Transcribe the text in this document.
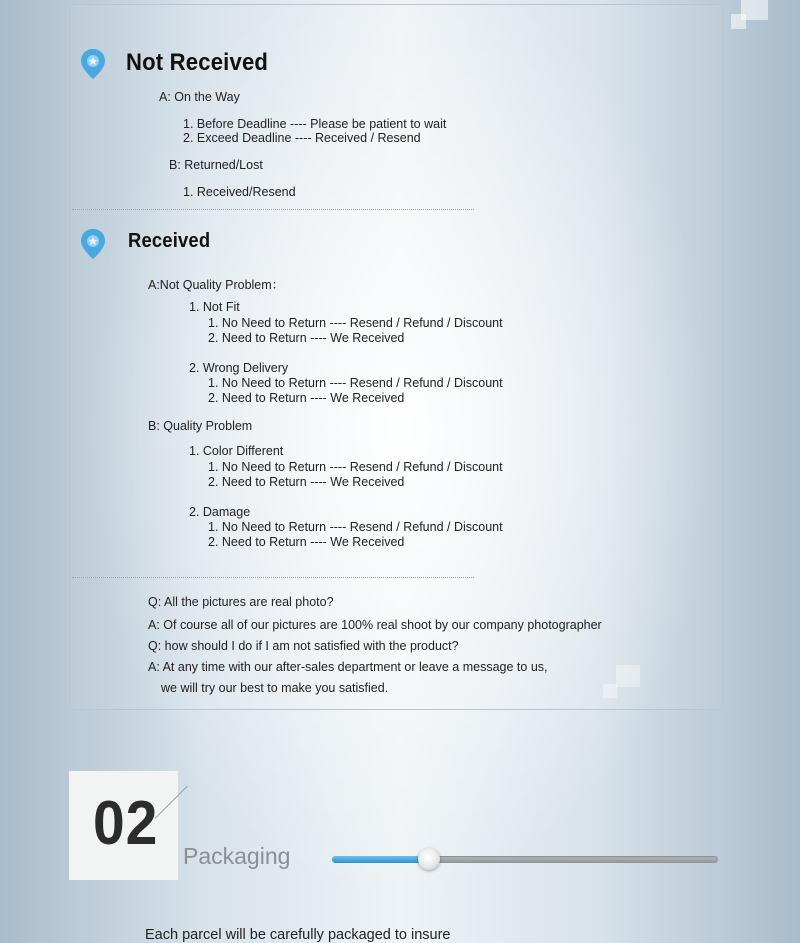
Not Received
A: On the Way
1. Before Deadline ---- Please be patient to wait
2. Exceed Deadline ---- Received / Resend
B: Returned/Lost
1. Received/Resend
Received
A:Not Quality Problem：
1. Not Fit
1. No Need to Return ---- Resend / Refund / Discount
2. Need to Return ---- We Received
2. Wrong Delivery
1. No Need to Return ---- Resend / Refund / Discount
2. Need to Return ---- We Received
B: Quality Problem
1. Color Different
1. No Need to Return ---- Resend / Refund / Discount
2. Need to Return ---- We Received
2. Damage
1. No Need to Return ---- Resend / Refund / Discount
2. Need to Return ---- We Received
Q: All the pictures are real photo?
A: Of course all of our pictures are 100% real shoot by our company photographer
Q: how should I do if I am not satisfied with the product?
A: At any time with our after-sales department or leave a message to us,
we will try our best to make you satisfied.
02 Packaging
Each parcel will be carefully packaged to insure
